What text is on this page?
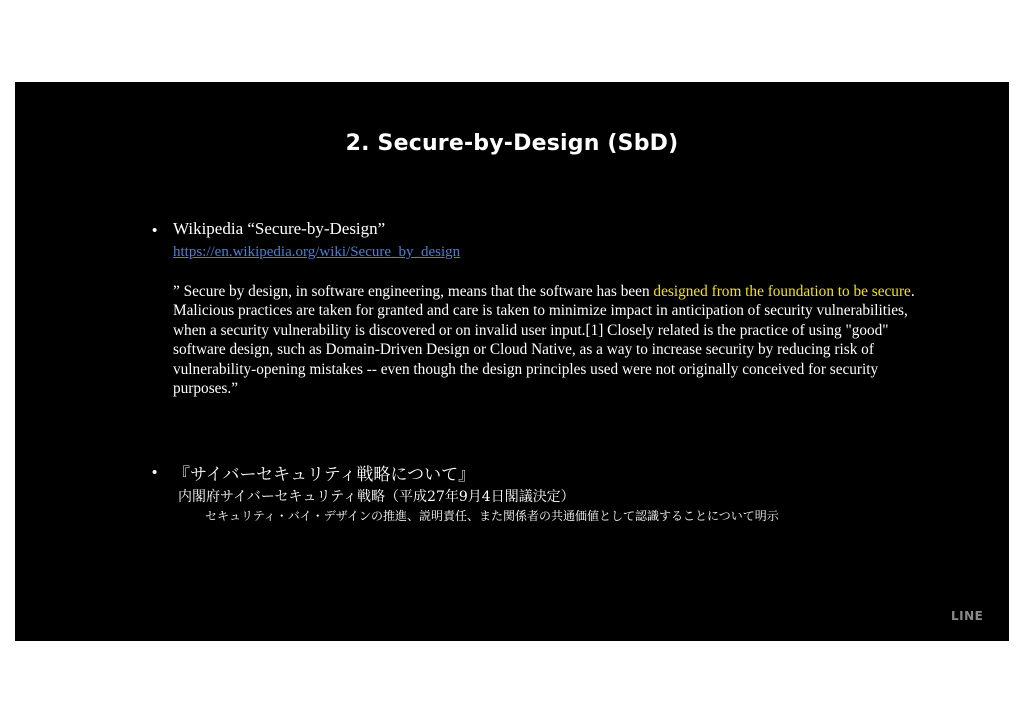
2. Secure-by-Design (SbD)
• Wikipedia “Secure-by-Design”
https://en.wikipedia.org/wiki/Secure_by_design
” Secure by design, in software engineering, means that the software has been designed from the foundation to be secure. Malicious practices are taken for granted and care is taken to minimize impact in anticipation of security vulnerabilities, when a security vulnerability is discovered or on invalid user input.[1] Closely related is the practice of using "good" software design, such as Domain-Driven Design or Cloud Native, as a way to increase security by reducing risk of vulnerability-opening mistakes -- even though the design principles used were not originally conceived for security purposes.”
• 『サイバーセキュリティ戦略について』
内閣府サイバーセキュリティ戦略（平成27年9月4日閣議決定）
セキュリティ・バイ・デザインの推進、説明責任、また関係者の共通価値として認識することについて明示
LINE
